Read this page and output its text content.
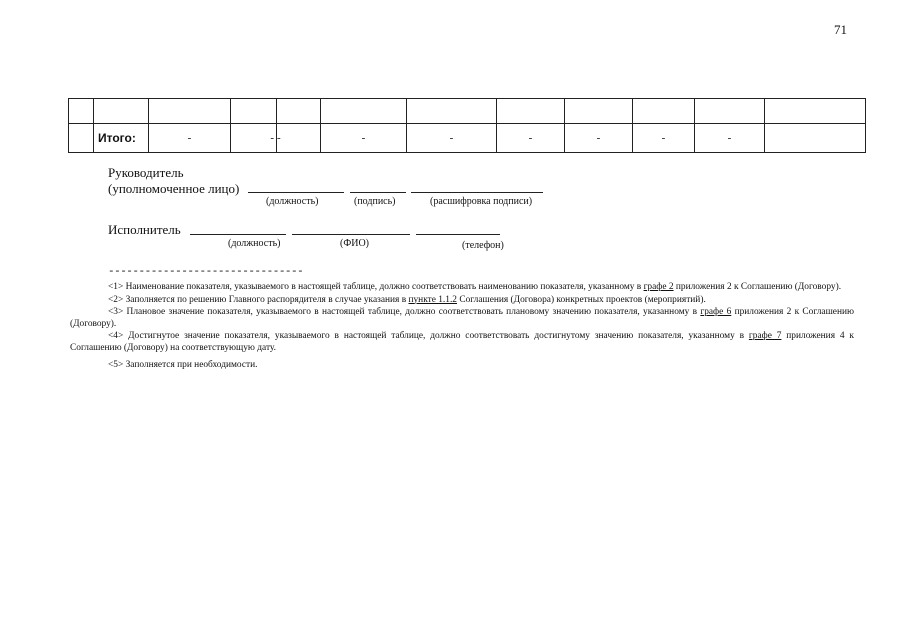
71

	Итого:	-	-	-	-	-	-	-	-	-	
Руководитель
(уполномоченное лицо)
(должность)	(подпись)	(расшифровка подписи)
Исполнитель
(должность)	(ФИО)	(телефон)
--------------------------------

<1> Наименование показателя, указываемого в настоящей таблице, должно соответствовать наименованию показателя, указанному в графе 2 приложения 2 к Соглашению (Договору).

<2> Заполняется по решению Главного распорядителя в случае указания в пункте 1.1.2 Соглашения (Договора) конкретных проектов (мероприятий).

<3> Плановое значение показателя, указываемого в настоящей таблице, должно соответствовать плановому значению показателя, указанному в графе 6 приложения 2 к Соглашению (Договору).

<4> Достигнутое значение показателя, указываемого в настоящей таблице, должно соответствовать достигнутому значению показателя, указанному в графе 7 приложения 4 к Соглашению (Договору) на соответствующую дату.

<5> Заполняется при необходимости.
